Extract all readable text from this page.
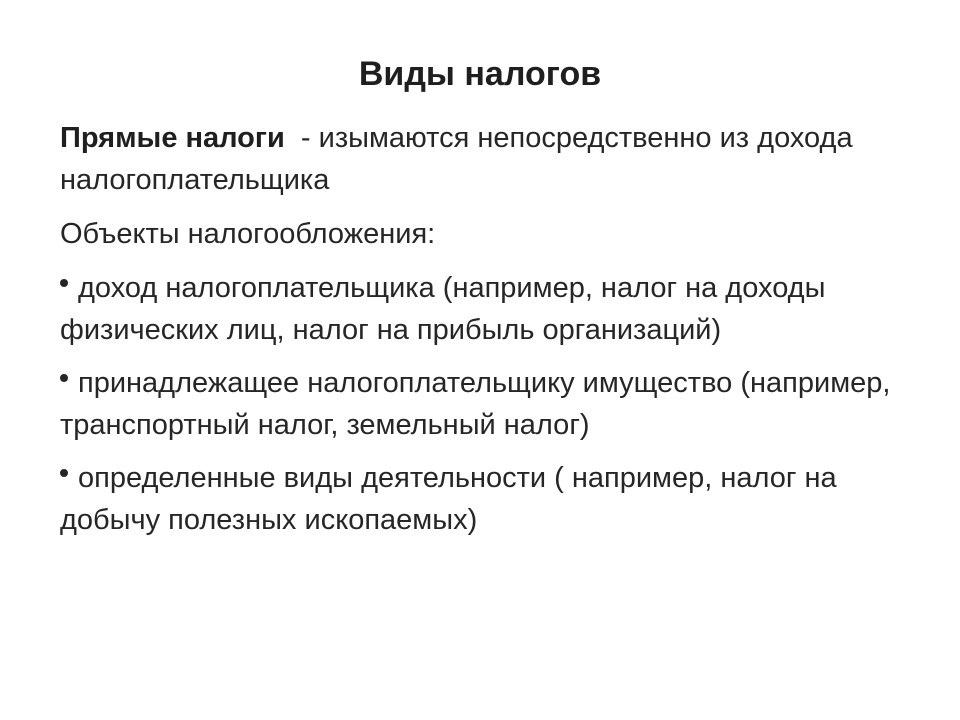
Виды налогов
Прямые налоги  - изымаются непосредственно из дохода налогоплательщика
Объекты налогообложения:
доход налогоплательщика (например, налог на доходы физических лиц, налог на прибыль организаций)
принадлежащее налогоплательщику имущество (например, транспортный налог, земельный налог)
определенные виды деятельности ( например, налог на добычу полезных ископаемых)
